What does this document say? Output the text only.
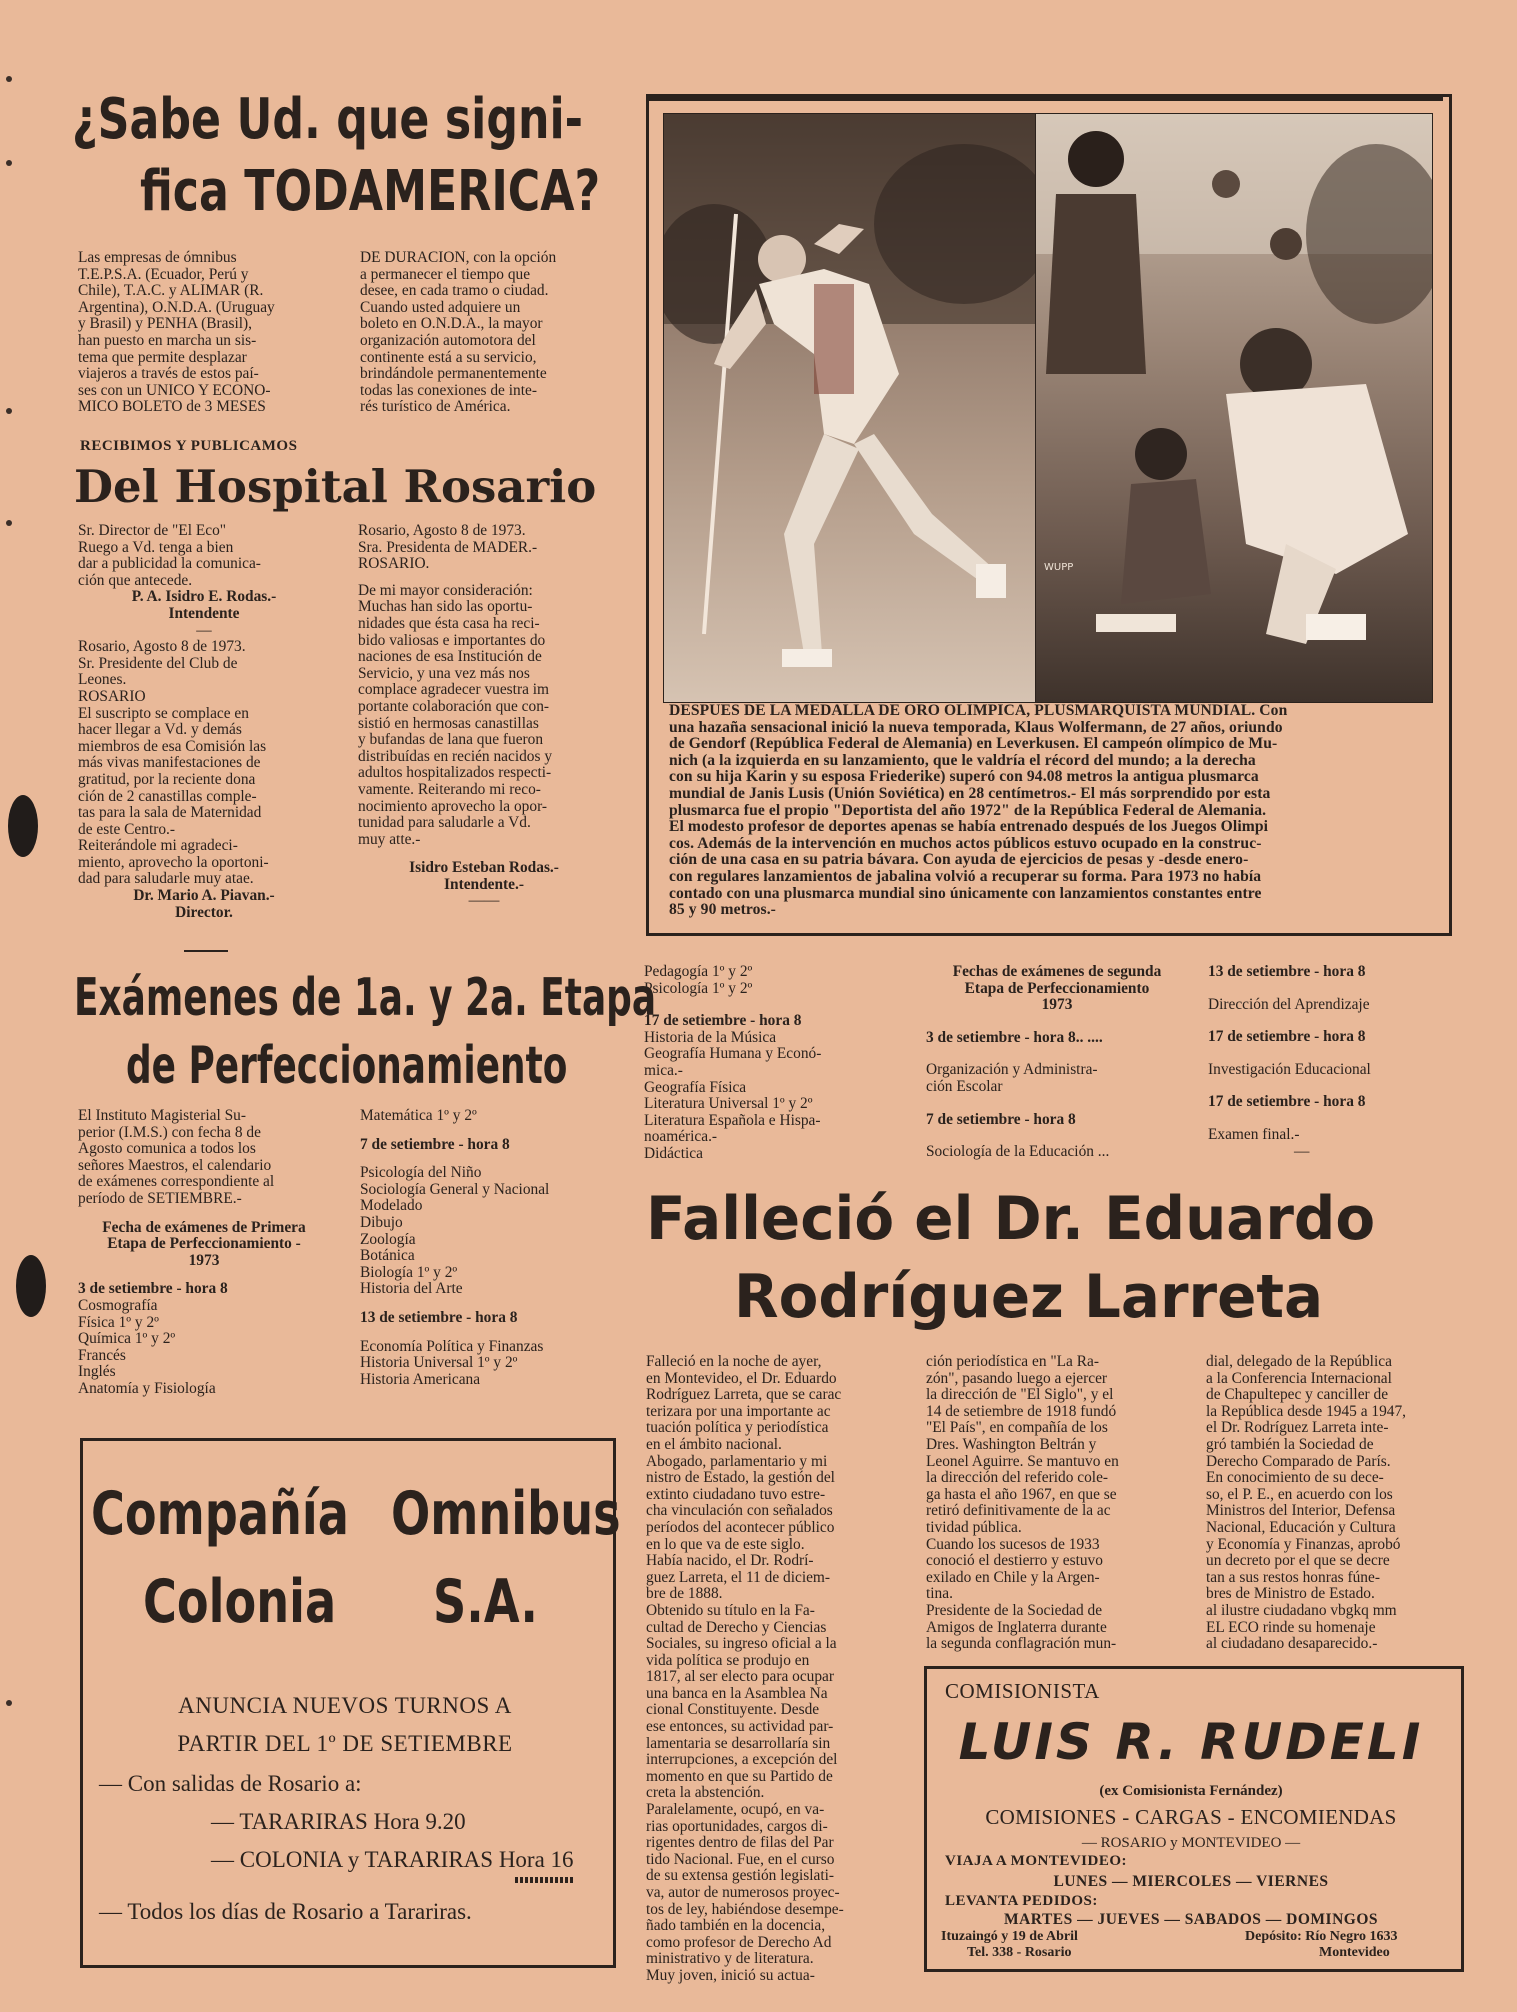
¿Sabe Ud. que signi-
fica TODAMERICA?

Las empresas de ómnibus

T.E.P.S.A. (Ecuador, Perú y

Chile), T.A.C. y ALIMAR (R.

Argentina), O.N.D.A. (Uruguay

y Brasil) y PENHA (Brasil),

han puesto en marcha un sis-

tema que permite desplazar

viajeros a través de estos paí-

ses con un UNICO Y ECONO-

MICO BOLETO de 3 MESES

DE DURACION, con la opción

a permanecer el tiempo que

desee, en cada tramo o ciudad.

Cuando usted adquiere un

boleto en O.N.D.A., la mayor

organización automotora del

continente está a su servicio,

brindándole permanentemente

todas las conexiones de inte-

rés turístico de América.

RECIBIMOS Y PUBLICAMOS
Del Hospital Rosario

Sr. Director de "El Eco"

Ruego a Vd. tenga a bien

dar a publicidad la comunica-

ción que antecede.

P. A. Isidro E. Rodas.-

Intendente

—

Rosario, Agosto 8 de 1973.

Sr. Presidente del Club de

Leones.

ROSARIO

El suscripto se complace en

hacer llegar a Vd. y demás

miembros de esa Comisión las

más vivas manifestaciones de

gratitud, por la reciente dona

ción de 2 canastillas comple-

tas para la sala de Maternidad

de este Centro.-

Reiterándole mi agradeci-

miento, aprovecho la oportoni-

dad para saludarle muy atae.

Dr. Mario A. Piavan.-

Director.

Rosario, Agosto 8 de 1973.

Sra. Presidenta de MADER.-

ROSARIO.

De mi mayor consideración:

Muchas han sido las oportu-

nidades que ésta casa ha reci-

bido valiosas e importantes do

naciones de esa Institución de

Servicio, y una vez más nos

complace agradecer vuestra im

portante colaboración que con-

sistió en hermosas canastillas

y bufandas de lana que fueron

distribuídas en recién nacidos y

adultos hospitalizados respecti-

vamente. Reiterando mi reco-

nocimiento aprovecho la opor-

tunidad para saludarle a Vd.

muy atte.-

Isidro Esteban Rodas.-

Intendente.-

——

WUPP

DESPUES DE LA MEDALLA DE ORO OLIMPICA, PLUSMARQUISTA MUNDIAL. Con

una hazaña sensacional inició la nueva temporada, Klaus Wolfermann, de 27 años, oriundo

de Gendorf (República Federal de Alemania) en Leverkusen. El campeón olímpico de Mu-

nich (a la izquierda en su lanzamiento, que le valdría el récord del mundo; a la derecha

con su hija Karin y su esposa Friederike) superó con 94.08 metros la antigua plusmarca

mundial de Janis Lusis (Unión Soviética) en 28 centímetros.- El más sorprendido por esta

plusmarca fue el propio "Deportista del año 1972" de la República Federal de Alemania.

El modesto profesor de deportes apenas se había entrenado después de los Juegos Olimpi

cos. Además de la intervención en muchos actos públicos estuvo ocupado en la construc-

ción de una casa en su patria bávara. Con ayuda de ejercicios de pesas y -desde enero-

con regulares lanzamientos de jabalina volvió a recuperar su forma. Para 1973 no había

contado con una plusmarca mundial sino únicamente con lanzamientos constantes entre

85 y 90 metros.-

Exámenes de 1a. y 2a. Etapa
de Perfeccionamiento

El Instituto Magisterial Su-

perior (I.M.S.) con fecha 8 de

Agosto comunica a todos los

señores Maestros, el calendario

de exámenes correspondiente al

período de SETIEMBRE.-

Fecha de exámenes de Primera

Etapa de Perfeccionamiento -

1973

3 de setiembre - hora 8

Cosmografía

Física 1º y 2º

Química 1º y 2º

Francés

Inglés

Anatomía y Fisiología

Matemática 1º y 2º

7 de setiembre - hora 8

Psicología del Niño

Sociología General y Nacional

Modelado

Dibujo

Zoología

Botánica

Biología 1º y 2º

Historia del Arte

13 de setiembre - hora 8

Economía Política y Finanzas

Historia Universal 1º y 2º

Historia Americana

Pedagogía 1º y 2º

Psicología 1º y 2º

17 de setiembre - hora 8

Historia de la Música

Geografía Humana y Econó-

mica.-

Geografía Física

Literatura Universal 1º y 2º

Literatura Española e Hispa-

noamérica.-

Didáctica

Fechas de exámenes de segunda

Etapa de Perfeccionamiento

1973

3 de setiembre - hora 8.. ....

Organización y Administra-

ción Escolar

7 de setiembre - hora 8

Sociología de la Educación ...

13 de setiembre - hora 8

Dirección del Aprendizaje

17 de setiembre - hora 8

Investigación Educacional

17 de setiembre - hora 8

Examen final.-

—

Falleció el Dr. Eduardo
Rodríguez Larreta

Falleció en la noche de ayer,

en Montevideo, el Dr. Eduardo

Rodríguez Larreta, que se carac

terizara por una importante ac

tuación política y periodística

en el ámbito nacional.

Abogado, parlamentario y mi

nistro de Estado, la gestión del

extinto ciudadano tuvo estre-

cha vinculación con señalados

períodos del acontecer público

en lo que va de este siglo.

Había nacido, el Dr. Rodrí-

guez Larreta, el 11 de diciem-

bre de 1888.

Obtenido su título en la Fa-

cultad de Derecho y Ciencias

Sociales, su ingreso oficial a la

vida política se produjo en

1817, al ser electo para ocupar

una banca en la Asamblea Na

cional Constituyente. Desde

ese entonces, su actividad par-

lamentaria se desarrollaría sin

interrupciones, a excepción del

momento en que su Partido de

creta la abstención.

Paralelamente, ocupó, en va-

rias oportunidades, cargos di-

rigentes dentro de filas del Par

tido Nacional. Fue, en el curso

de su extensa gestión legislati-

va, autor de numerosos proyec-

tos de ley, habiéndose desempe-

ñado también en la docencia,

como profesor de Derecho Ad

ministrativo y de literatura.

Muy joven, inició su actua-

ción periodística en "La Ra-

zón", pasando luego a ejercer

la dirección de "El Siglo", y el

14 de setiembre de 1918 fundó

"El País", en compañía de los

Dres. Washington Beltrán y

Leonel Aguirre. Se mantuvo en

la dirección del referido cole-

ga hasta el año 1967, en que se

retiró definitivamente de la ac

tividad pública.

Cuando los sucesos de 1933

conoció el destierro y estuvo

exilado en Chile y la Argen-

tina.

Presidente de la Sociedad de

Amigos de Inglaterra durante

la segunda conflagración mun-

dial, delegado de la República

a la Conferencia Internacional

de Chapultepec y canciller de

la República desde 1945 a 1947,

el Dr. Rodríguez Larreta inte-

gró también la Sociedad de

Derecho Comparado de París.

En conocimiento de su dece-

so, el P. E., en acuerdo con los

Ministros del Interior, Defensa

Nacional, Educación y Cultura

y Economía y Finanzas, aprobó

un decreto por el que se decre

tan a sus restos honras fúne-

bres de Ministro de Estado.

al ilustre ciudadano vbgkq mm

EL ECO rinde su homenaje

al ciudadano desaparecido.-

Compañía Omnibus
Colonia S.A.
ANUNCIA NUEVOS TURNOS A
PARTIR DEL 1º DE SETIEMBRE
— Con salidas de Rosario a:
— TARARIRAS Hora 9.20
— COLONIA y TARARIRAS Hora 16
— Todos los días de Rosario a Tarariras.
COMISIONISTA
LUIS R. RUDELI
(ex Comisionista Fernández)
COMISIONES - CARGAS - ENCOMIENDAS
— ROSARIO y MONTEVIDEO —
VIAJA A MONTEVIDEO:
LUNES — MIERCOLES — VIERNES
LEVANTA PEDIDOS:
MARTES — JUEVES — SABADOS — DOMINGOS
Ituzaingó y 19 de Abril
Tel. 338 - Rosario
Depósito: Río Negro 1633
Montevideo
